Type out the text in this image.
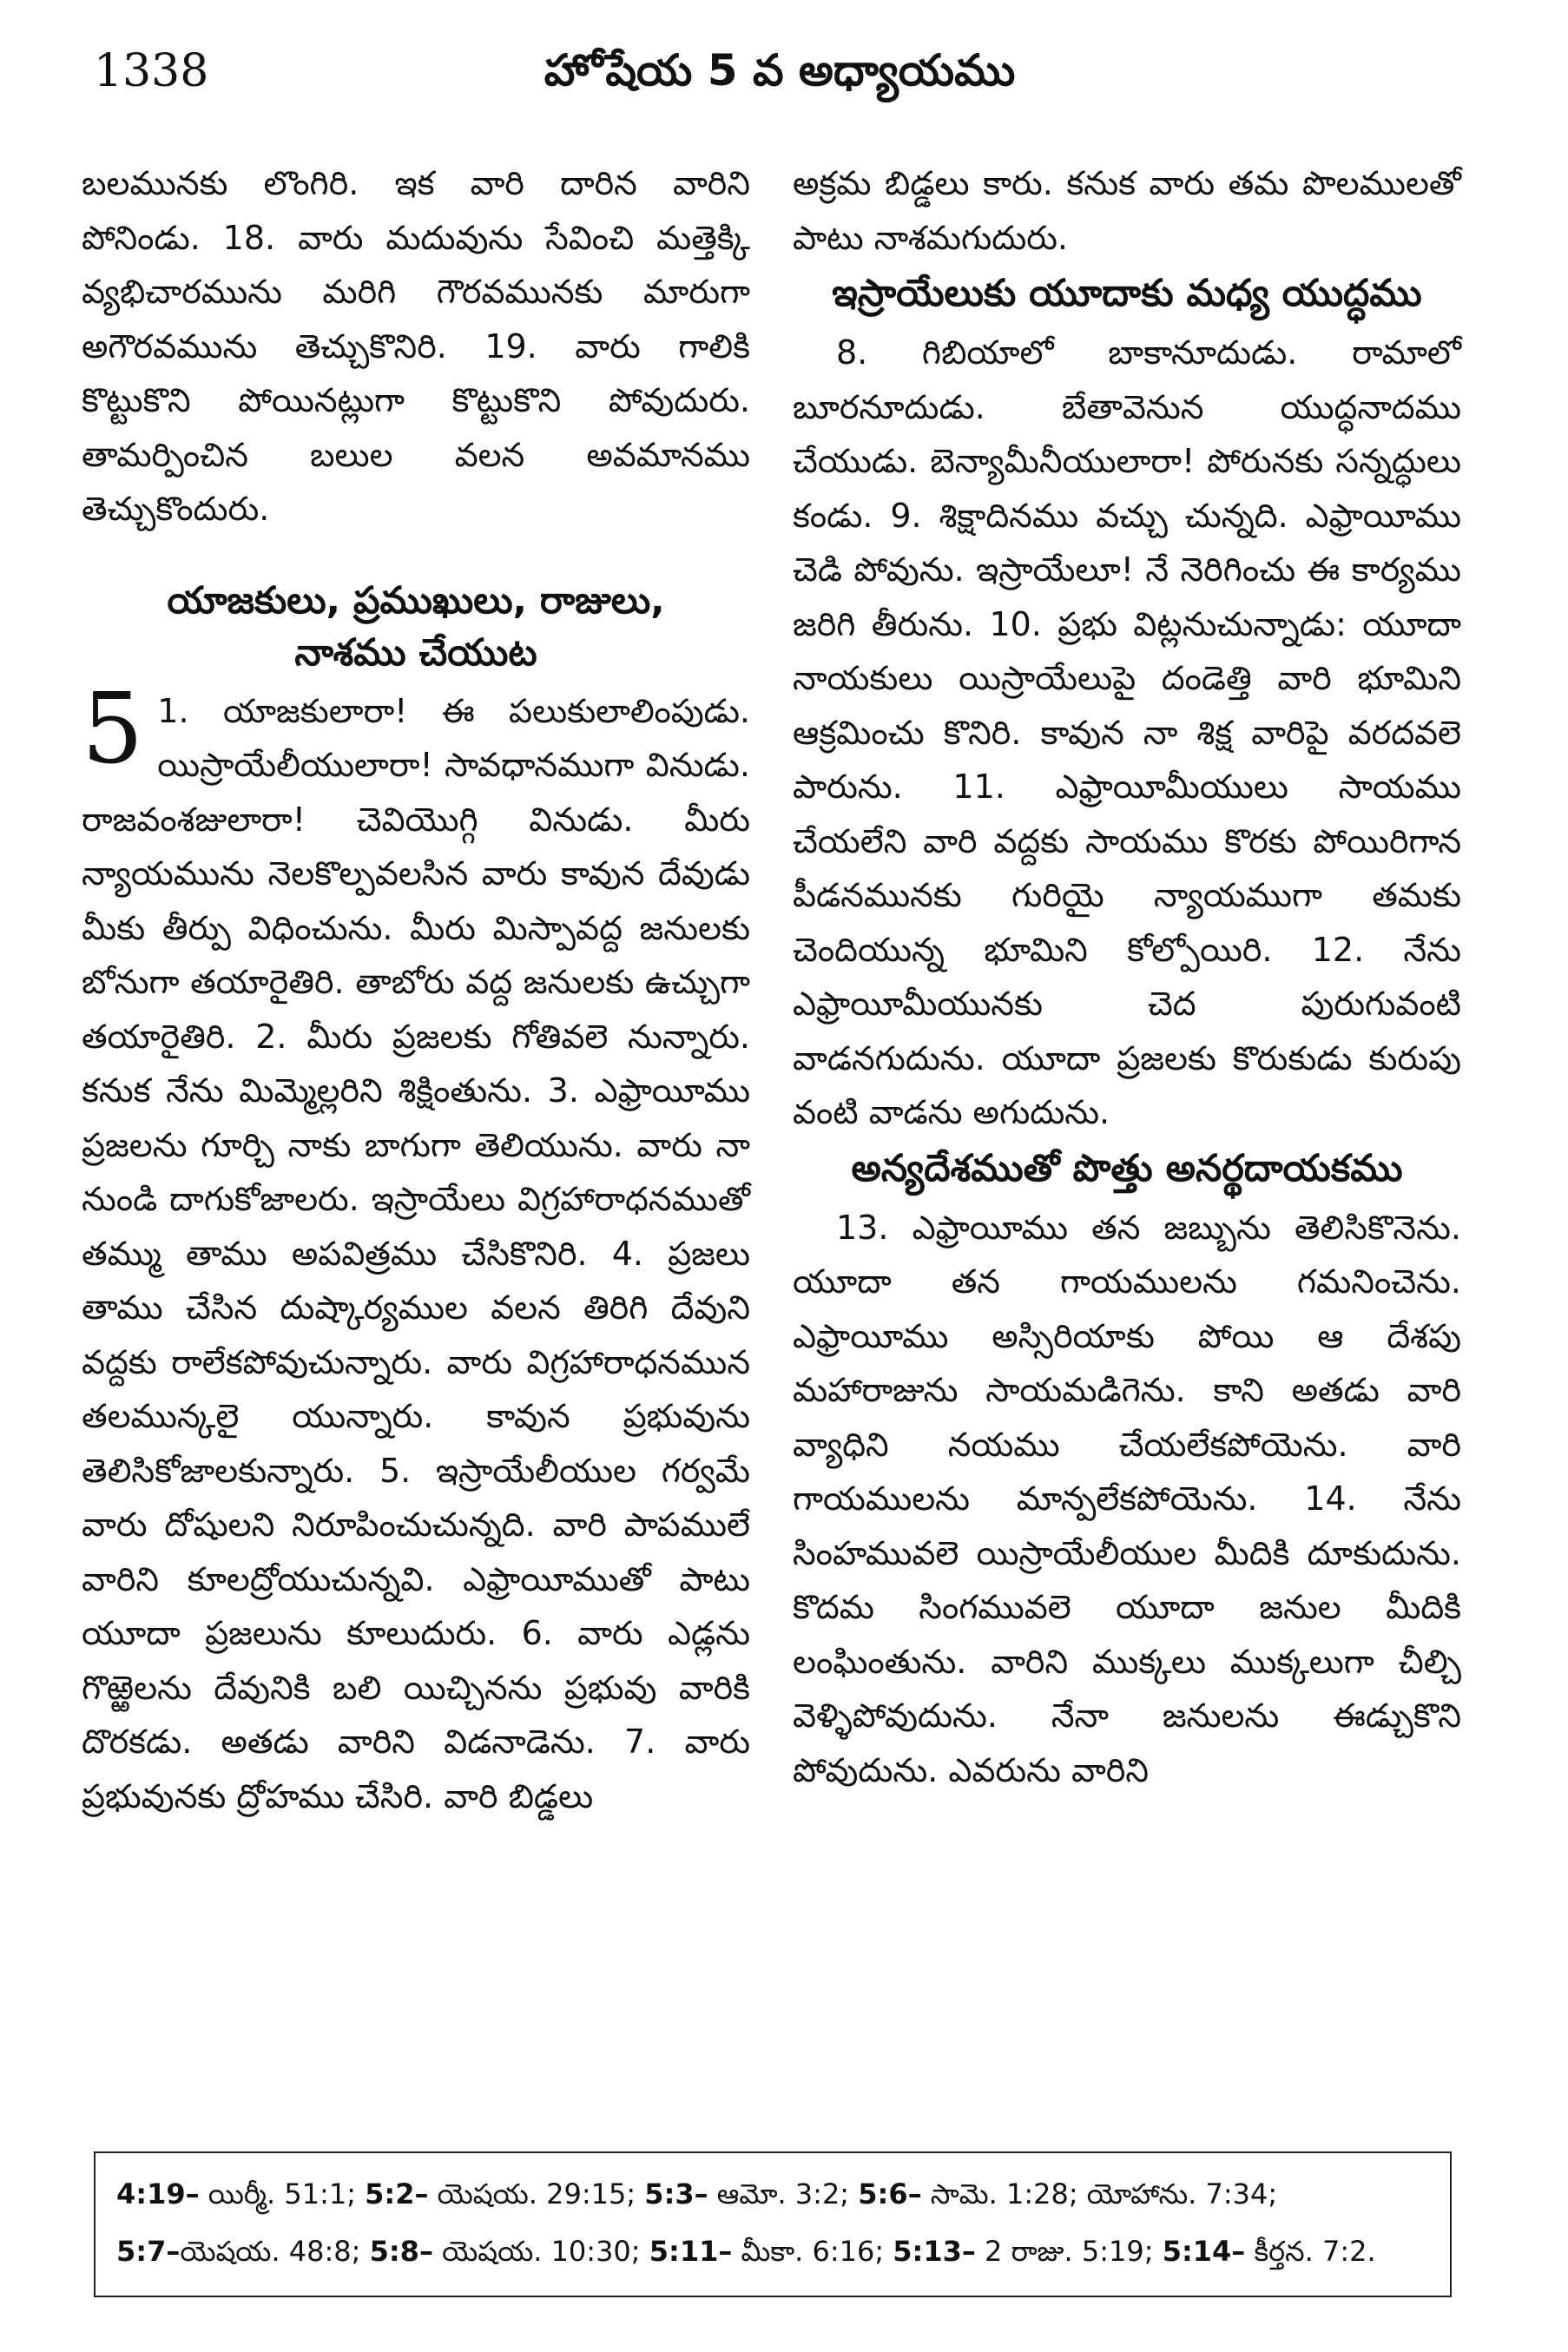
1338	హోషేయ 5 వ అధ్యాయము

బలమునకు లొంగిరి. ఇక వారి దారిన వారిని పోనిండు. 18. వారు మదువును సేవించి మత్తెక్కి వ్యభిచారమును మరిగి గౌరవమునకు మారుగా అగౌరవమును తెచ్చుకొనిరి. 19. వారు గాలికి కొట్టుకొని పోయినట్లుగా కొట్టుకొని పోవుదురు. తామర్పించిన బలుల వలన అవమానము తెచ్చుకొందురు.

యాజకులు, ప్రముఖులు, రాజులు,
నాశము చేయుట
5 1. యాజకులారా! ఈ పలుకులాలింపుడు. యిస్రాయేలీయులారా! సావధానముగా వినుడు. రాజవంశజులారా! చెవియొగ్గి వినుడు. మీరు న్యాయమును నెలకొల్పవలసిన వారు కావున దేవుడు మీకు తీర్పు విధించును. మీరు మిస్పావద్ద జనులకు బోనుగా తయారైతిరి. తాబోరు వద్ద జనులకు ఉచ్చుగా తయారైతిరి. 2. మీరు ప్రజలకు గోతివలె నున్నారు. కనుక నేను మిమ్మెల్లరిని శిక్షింతును. 3. ఎఫ్రాయీము ప్రజలను గూర్చి నాకు బాగుగా తెలియును. వారు నా నుండి దాగుకోజాలరు. ఇస్రాయేలు విగ్రహారాధనముతో తమ్ము తాము అపవిత్రము చేసికొనిరి. 4. ప్రజలు తాము చేసిన దుష్కార్యముల వలన తిరిగి దేవుని వద్దకు రాలేకపోవుచున్నారు. వారు విగ్రహారాధనమున తలమున్కలై యున్నారు. కావున ప్రభువును తెలిసికోజాలకున్నారు. 5. ఇస్రాయేలీయుల గర్వమే వారు దోషులని నిరూపించుచున్నది. వారి పాపములే వారిని కూలద్రోయుచున్నవి. ఎఫ్రాయీముతో పాటు యూదా ప్రజలును కూలుదురు. 6. వారు ఎడ్లను గొఱ్ఱెలను దేవునికి బలి యిచ్చినను ప్రభువు వారికి దొరకడు. అతడు వారిని విడనాడెను. 7. వారు ప్రభువునకు ద్రోహము చేసిరి. వారి బిడ్డలు

అక్రమ బిడ్డలు కారు. కనుక వారు తమ పొలములతో పాటు నాశమగుదురు.

ఇస్రాయేలుకు యూదాకు మధ్య యుద్ధము

8. గిబియాలో బాకానూదుడు. రామాలో బూరనూదుడు. బేతావెనున యుద్ధనాదము చేయుడు. బెన్యామీనీయులారా! పోరునకు సన్నద్ధులు కండు. 9. శిక్షాదినము వచ్చు చున్నది. ఎఫ్రాయీము చెడి పోవును. ఇస్రాయేలూ! నే నెరిగించు ఈ కార్యము జరిగి తీరును. 10. ప్రభు విట్లనుచున్నాడు: యూదా నాయకులు యిస్రాయేలుపై దండెత్తి వారి భూమిని ఆక్రమించు కొనిరి. కావున నా శిక్ష వారిపై వరదవలె పారును. 11. ఎఫ్రాయీమీయులు సాయము చేయలేని వారి వద్దకు సాయము కొరకు పోయిరిగాన పీడనమునకు గురియై న్యాయముగా తమకు చెందియున్న భూమిని కోల్పోయిరి. 12. నేను ఎఫ్రాయీమీయునకు చెద పురుగువంటి వాడనగుదును. యూదా ప్రజలకు కొరుకుడు కురుపు వంటి వాడను అగుదును.

అన్యదేశముతో పొత్తు అనర్థదాయకము

13. ఎఫ్రాయీము తన జబ్బును తెలిసికొనెను. యూదా తన గాయములను గమనించెను. ఎఫ్రాయీము అస్సిరియాకు పోయి ఆ దేశపు మహారాజును సాయమడిగెను. కాని అతడు వారి వ్యాధిని నయము చేయలేకపోయెను. వారి గాయములను మాన్పలేకపోయెను. 14. నేను సింహమువలె యిస్రాయేలీయుల మీదికి దూకుదును. కొదమ సింగమువలె యూదా జనుల మీదికి లంఘింతును. వారిని ముక్కలు ముక్కలుగా చీల్చి వెళ్ళిపోవుదును. నేనా జనులను ఈడ్చుకొని పోవుదును. ఎవరును వారిని

4:19– యిర్మీ. 51:1; 5:2– యెషయ. 29:15; 5:3– ఆమో. 3:2; 5:6– సామె. 1:28; యోహాను. 7:34;
5:7–యెషయ. 48:8; 5:8– యెషయ. 10:30; 5:11– మీకా. 6:16; 5:13– 2 రాజు. 5:19; 5:14– కీర్తన. 7:2.
